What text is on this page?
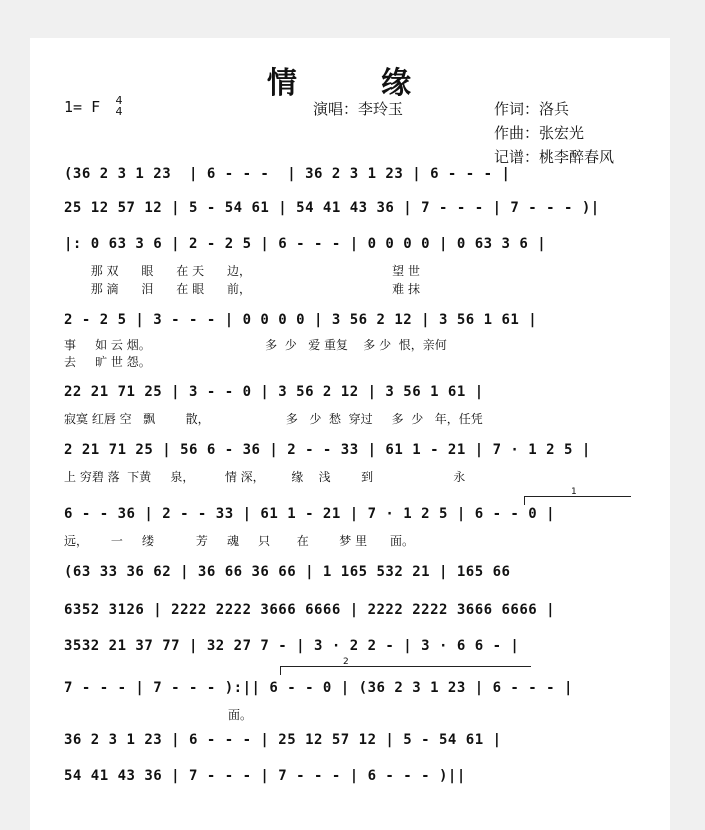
情　缘
1= F 4
4	演唱：李玲玉	作词：洛兵
作曲：张宏光
记谱：桃李醉春风
(36 2 3 1 23  | 6 - - -  | 36 2 3 1 23 | 6 - - - |
25 12 57 12 | 5 - 54 61 | 54 41 43 36 | 7 - - - | 7 - - - )|
|: 0 63 3 6 | 2 - 2 5 | 6 - - - | 0 0 0 0 | 0 63 3 6 |
那 双      眼      在 天      边，                                     望 世
那 滴      泪      在 眼      前，                                     难 抹
2 - 2 5 | 3 - - - | 0 0 0 0 | 3 56 2 12 | 3 56 1 61 |
事     如 云 烟。                              多  少   爱 重复    多 少  恨，亲何
去     旷 世 怨。
22 21 71 25 | 3 - - 0 | 3 56 2 12 | 3 56 1 61 |
寂寞 红唇 空   飘        散，                    多   少  愁  穿过     多  少   年，任凭
2 21 71 25 | 56 6 - 36 | 2 - - 33 | 61 1 - 21 | 7 · 1 2 5 |
上 穷碧 落  下黄     泉，        情 深，       缘    浅        到                     永
1
6 - - 36 | 2 - - 33 | 61 1 - 21 | 7 · 1 2 5 | 6 - - 0 |
远，      一     缕           芳     魂     只       在        梦 里      面。
(63 33 36 62 | 36 66 36 66 | 1 165 532 21 | 165 66
6352 3126 | 2222 2222 3666 6666 | 2222 2222 3666 6666 |
3532 21 37 77 | 32 27 7 - | 3 · 2 2 - | 3 · 6 6 - |
2
7 - - - | 7 - - - ):|| 6 - - 0 | (36 2 3 1 23 | 6 - - - |
面。
36 2 3 1 23 | 6 - - - | 25 12 57 12 | 5 - 54 61 |
54 41 43 36 | 7 - - - | 7 - - - | 6 - - - )||
